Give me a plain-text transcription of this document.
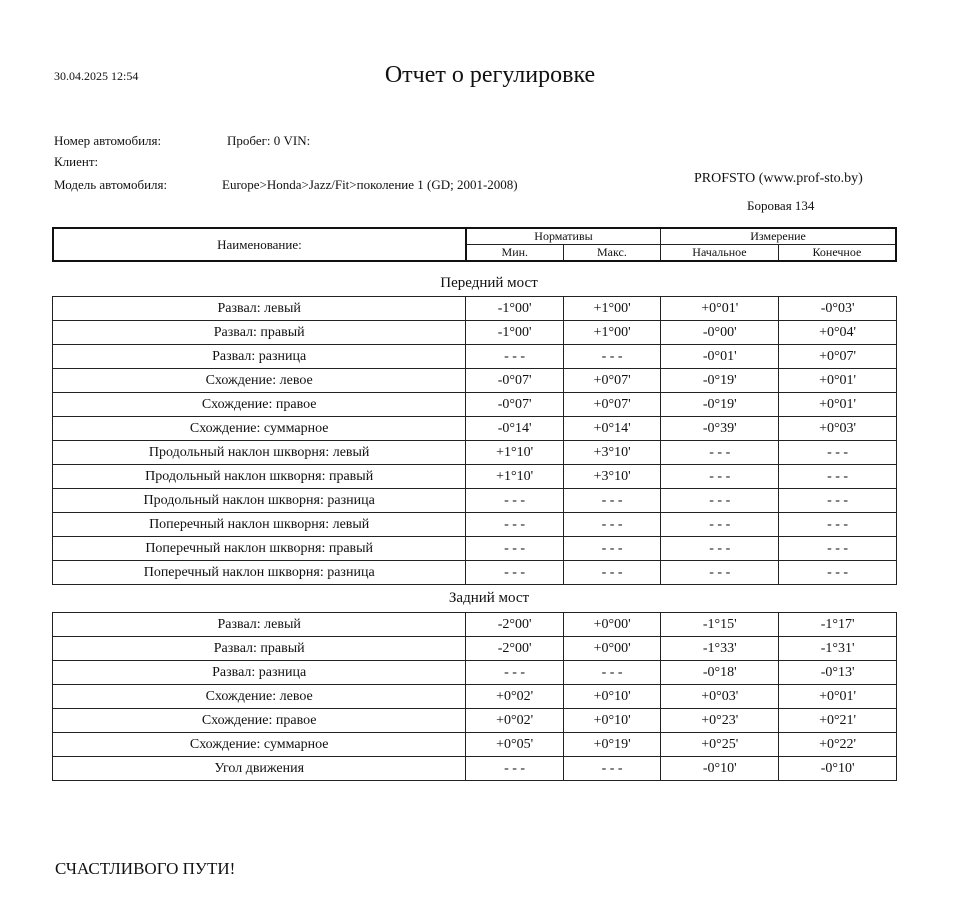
30.04.2025 12:54	Отчет о регулировке
Номер автомобиля:	Пробег: 0 VIN:
Клиент:
Модель автомобиля:	Europe>Honda>Jazz/Fit>поколение 1 (GD; 2001-2008)	PROFSTO (www.prof-sto.by)
Боровая 134
Наименование:	Нормативы		Измерение	
	Мин.	Макс.	Начальное	Конечное
Передний мост
Развал: левый	-1°00'	+1°00'	+0°01'	-0°03'
Развал: правый	-1°00'	+1°00'	-0°00'	+0°04'
Развал: разница	- - -	- - -	-0°01'	+0°07'
Схождение: левое	-0°07'	+0°07'	-0°19'	+0°01'
Схождение: правое	-0°07'	+0°07'	-0°19'	+0°01'
Схождение: суммарное	-0°14'	+0°14'	-0°39'	+0°03'
Продольный наклон шкворня: левый	+1°10'	+3°10'	- - -	- - -
Продольный наклон шкворня: правый	+1°10'	+3°10'	- - -	- - -
Продольный наклон шкворня: разница	- - -	- - -	- - -	- - -
Поперечный наклон шкворня: левый	- - -	- - -	- - -	- - -
Поперечный наклон шкворня: правый	- - -	- - -	- - -	- - -
Поперечный наклон шкворня: разница	- - -	- - -	- - -	- - -
Задний мост
Развал: левый	-2°00'	+0°00'	-1°15'	-1°17'
Развал: правый	-2°00'	+0°00'	-1°33'	-1°31'
Развал: разница	- - -	- - -	-0°18'	-0°13'
Схождение: левое	+0°02'	+0°10'	+0°03'	+0°01'
Схождение: правое	+0°02'	+0°10'	+0°23'	+0°21'
Схождение: суммарное	+0°05'	+0°19'	+0°25'	+0°22'
Угол движения	- - -	- - -	-0°10'	-0°10'
СЧАСТЛИВОГО ПУТИ!
